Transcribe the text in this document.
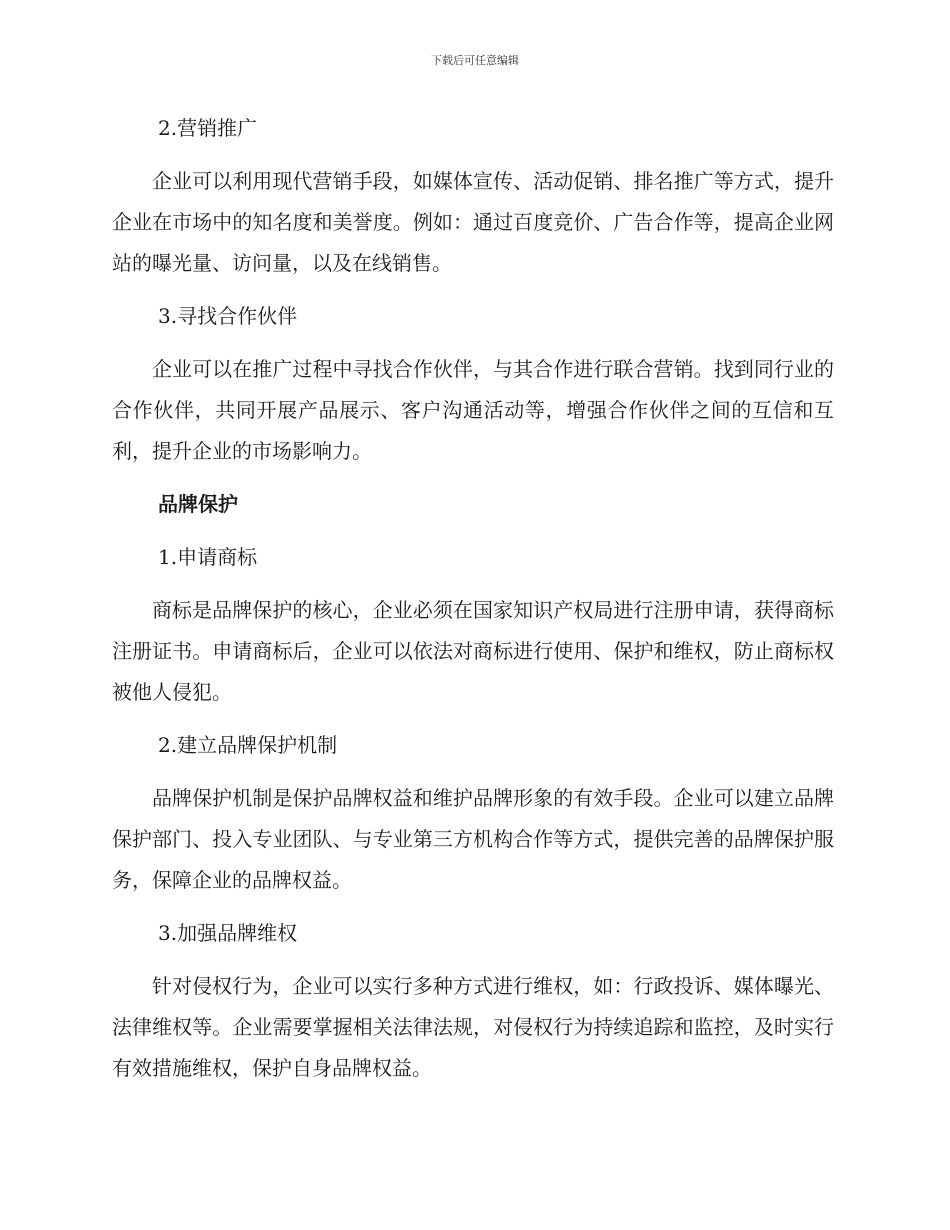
下载后可任意编辑

2.营销推广

企业可以利用现代营销手段，如媒体宣传、活动促销、排名推广等方式，提升企业在市场中的知名度和美誉度。例如：通过百度竞价、广告合作等，提高企业网站的曝光量、访问量，以及在线销售。

3.寻找合作伙伴

企业可以在推广过程中寻找合作伙伴，与其合作进行联合营销。找到同行业的合作伙伴，共同开展产品展示、客户沟通活动等，增强合作伙伴之间的互信和互利，提升企业的市场影响力。

品牌保护

1.申请商标

商标是品牌保护的核心，企业必须在国家知识产权局进行注册申请，获得商标注册证书。申请商标后，企业可以依法对商标进行使用、保护和维权，防止商标权被他人侵犯。

2.建立品牌保护机制

品牌保护机制是保护品牌权益和维护品牌形象的有效手段。企业可以建立品牌保护部门、投入专业团队、与专业第三方机构合作等方式，提供完善的品牌保护服务，保障企业的品牌权益。

3.加强品牌维权

针对侵权行为，企业可以实行多种方式进行维权，如：行政投诉、媒体曝光、法律维权等。企业需要掌握相关法律法规，对侵权行为持续追踪和监控，及时实行有效措施维权，保护自身品牌权益。
